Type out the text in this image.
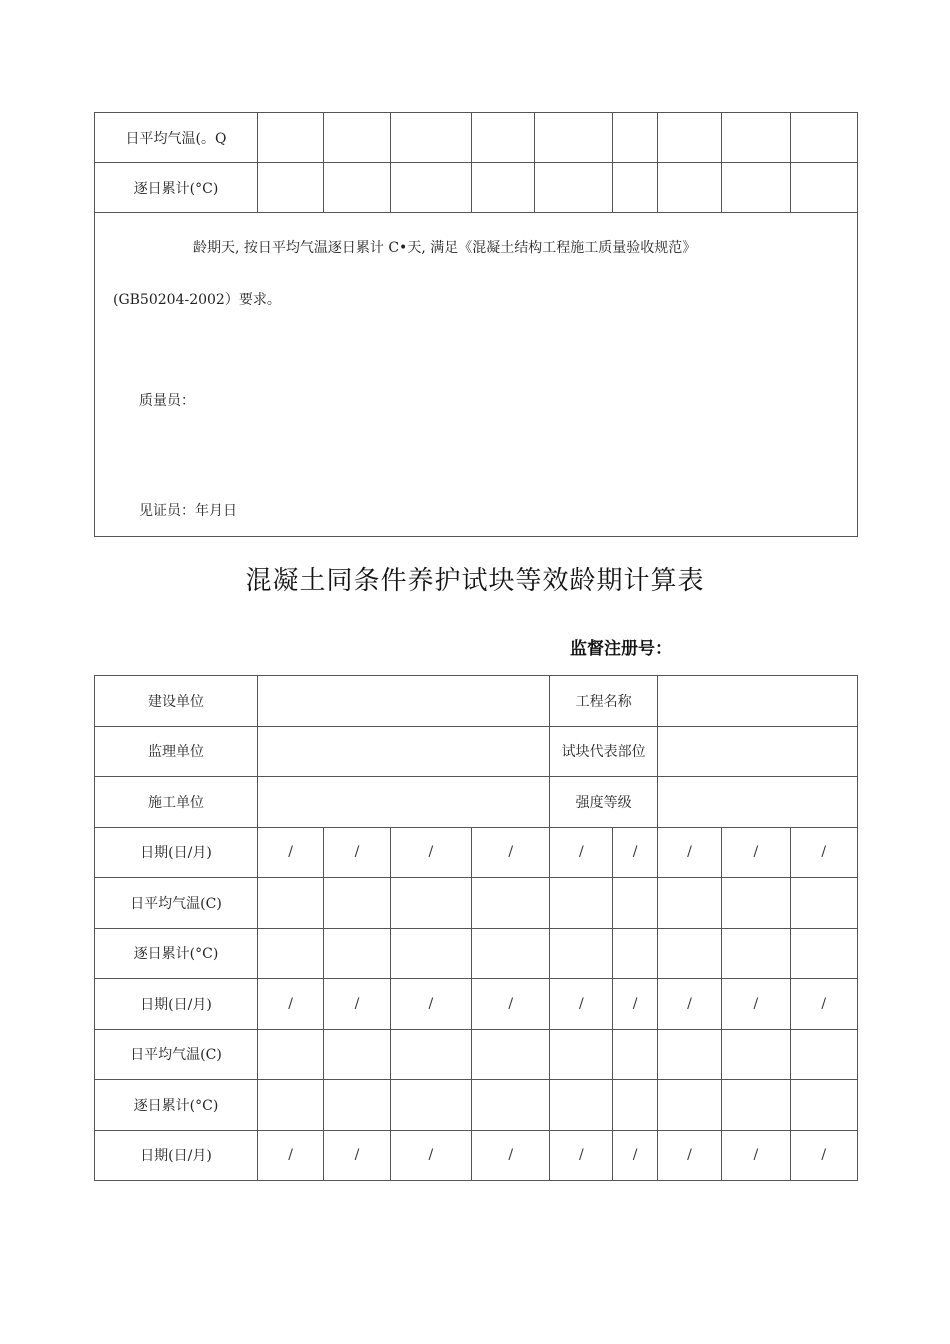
日平均气温(。Q									
逐日累计(°C)									

龄期天, 按日平均气温逐日累计 C•天, 满足《混凝土结构工程施工质量验收规范》
(GB50204-2002）要求。
质量员：
见证员：年月日									
混凝土同条件养护试块等效龄期计算表
监督注册号：
建设单位					工程名称				
监理单位					试块代表部位				
施工单位					强度等级				
日期(日/月)	/	/	/	/	/	/	/	/	/
日平均气温(C)									
逐日累计(°C)									
日期(日/月)	/	/	/	/	/	/	/	/	/
日平均气温(C)									
逐日累计(°C)									
日期(日/月)	/	/	/	/	/	/	/	/	/
